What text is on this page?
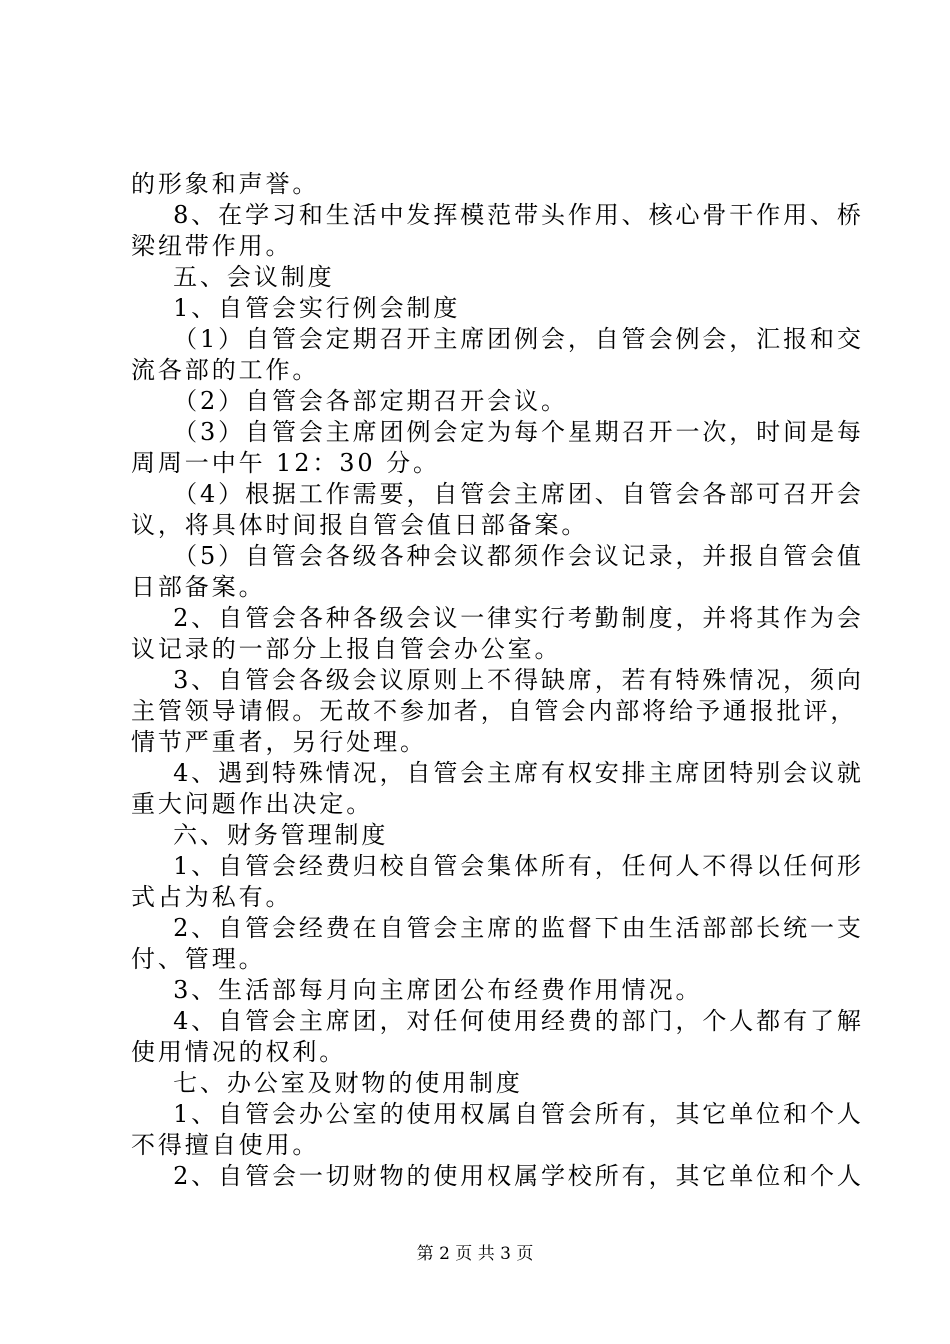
的形象和声誉。
8、在学习和生活中发挥模范带头作用、核心骨干作用、桥
梁纽带作用。
五、会议制度
1、自管会实行例会制度
（1）自管会定期召开主席团例会，自管会例会，汇报和交
流各部的工作。
（2）自管会各部定期召开会议。
（3）自管会主席团例会定为每个星期召开一次，时间是每
周周一中午 12：30 分。
（4）根据工作需要，自管会主席团、自管会各部可召开会
议，将具体时间报自管会值日部备案。
（5）自管会各级各种会议都须作会议记录，并报自管会值
日部备案。
2、自管会各种各级会议一律实行考勤制度，并将其作为会
议记录的一部分上报自管会办公室。
3、自管会各级会议原则上不得缺席，若有特殊情况，须向
主管领导请假。无故不参加者，自管会内部将给予通报批评，
情节严重者，另行处理。
4、遇到特殊情况，自管会主席有权安排主席团特别会议就
重大问题作出决定。
六、财务管理制度
1、自管会经费归校自管会集体所有，任何人不得以任何形
式占为私有。
2、自管会经费在自管会主席的监督下由生活部部长统一支
付、管理。
3、生活部每月向主席团公布经费作用情况。
4、自管会主席团，对任何使用经费的部门，个人都有了解
使用情况的权利。
七、办公室及财物的使用制度
1、自管会办公室的使用权属自管会所有，其它单位和个人
不得擅自使用。
2、自管会一切财物的使用权属学校所有，其它单位和个人
第 2 页 共 3 页
